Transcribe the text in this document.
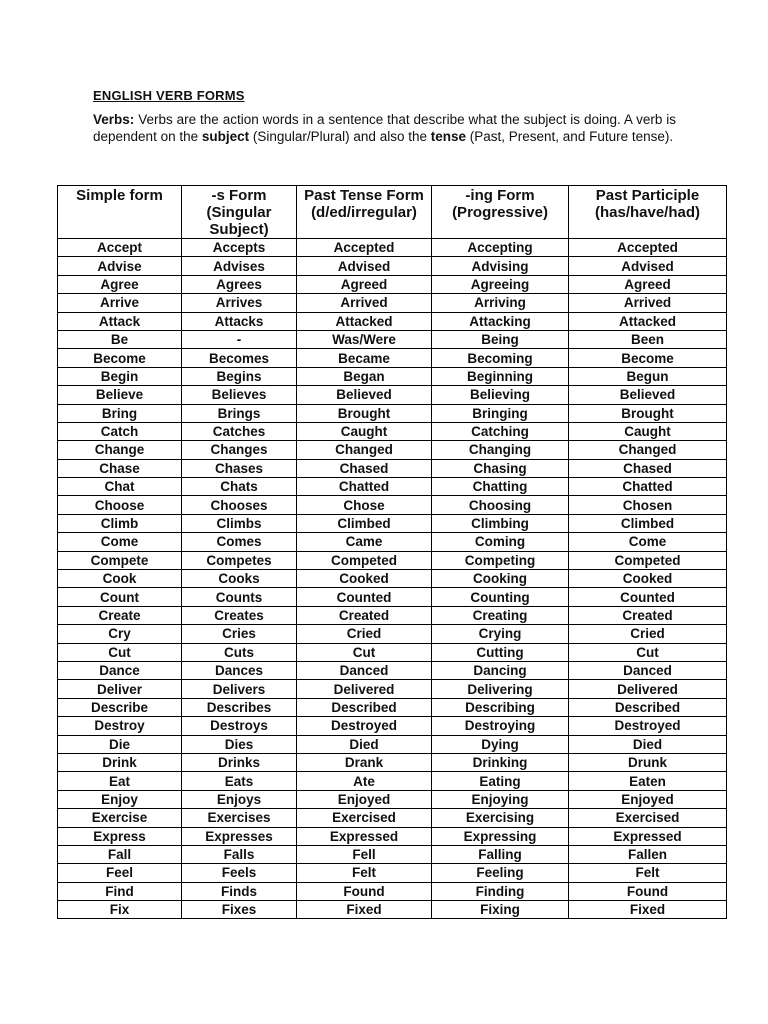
ENGLISH VERB FORMS

Verbs: Verbs are the action words in a sentence that describe what the subject is doing. A verb is dependent on the subject (Singular/Plural) and also the tense (Past, Present, and Future tense).

Simple form	-s Form (Singular Subject)	Past Tense Form (d/ed/irregular)	-ing Form (Progressive)	Past Participle (has/have/had)
Accept	Accepts	Accepted	Accepting	Accepted
Advise	Advises	Advised	Advising	Advised
Agree	Agrees	Agreed	Agreeing	Agreed
Arrive	Arrives	Arrived	Arriving	Arrived
Attack	Attacks	Attacked	Attacking	Attacked
Be	-	Was/Were	Being	Been
Become	Becomes	Became	Becoming	Become
Begin	Begins	Began	Beginning	Begun
Believe	Believes	Believed	Believing	Believed
Bring	Brings	Brought	Bringing	Brought
Catch	Catches	Caught	Catching	Caught
Change	Changes	Changed	Changing	Changed
Chase	Chases	Chased	Chasing	Chased
Chat	Chats	Chatted	Chatting	Chatted
Choose	Chooses	Chose	Choosing	Chosen
Climb	Climbs	Climbed	Climbing	Climbed
Come	Comes	Came	Coming	Come
Compete	Competes	Competed	Competing	Competed
Cook	Cooks	Cooked	Cooking	Cooked
Count	Counts	Counted	Counting	Counted
Create	Creates	Created	Creating	Created
Cry	Cries	Cried	Crying	Cried
Cut	Cuts	Cut	Cutting	Cut
Dance	Dances	Danced	Dancing	Danced
Deliver	Delivers	Delivered	Delivering	Delivered
Describe	Describes	Described	Describing	Described
Destroy	Destroys	Destroyed	Destroying	Destroyed
Die	Dies	Died	Dying	Died
Drink	Drinks	Drank	Drinking	Drunk
Eat	Eats	Ate	Eating	Eaten
Enjoy	Enjoys	Enjoyed	Enjoying	Enjoyed
Exercise	Exercises	Exercised	Exercising	Exercised
Express	Expresses	Expressed	Expressing	Expressed
Fall	Falls	Fell	Falling	Fallen
Feel	Feels	Felt	Feeling	Felt
Find	Finds	Found	Finding	Found
Fix	Fixes	Fixed	Fixing	Fixed
